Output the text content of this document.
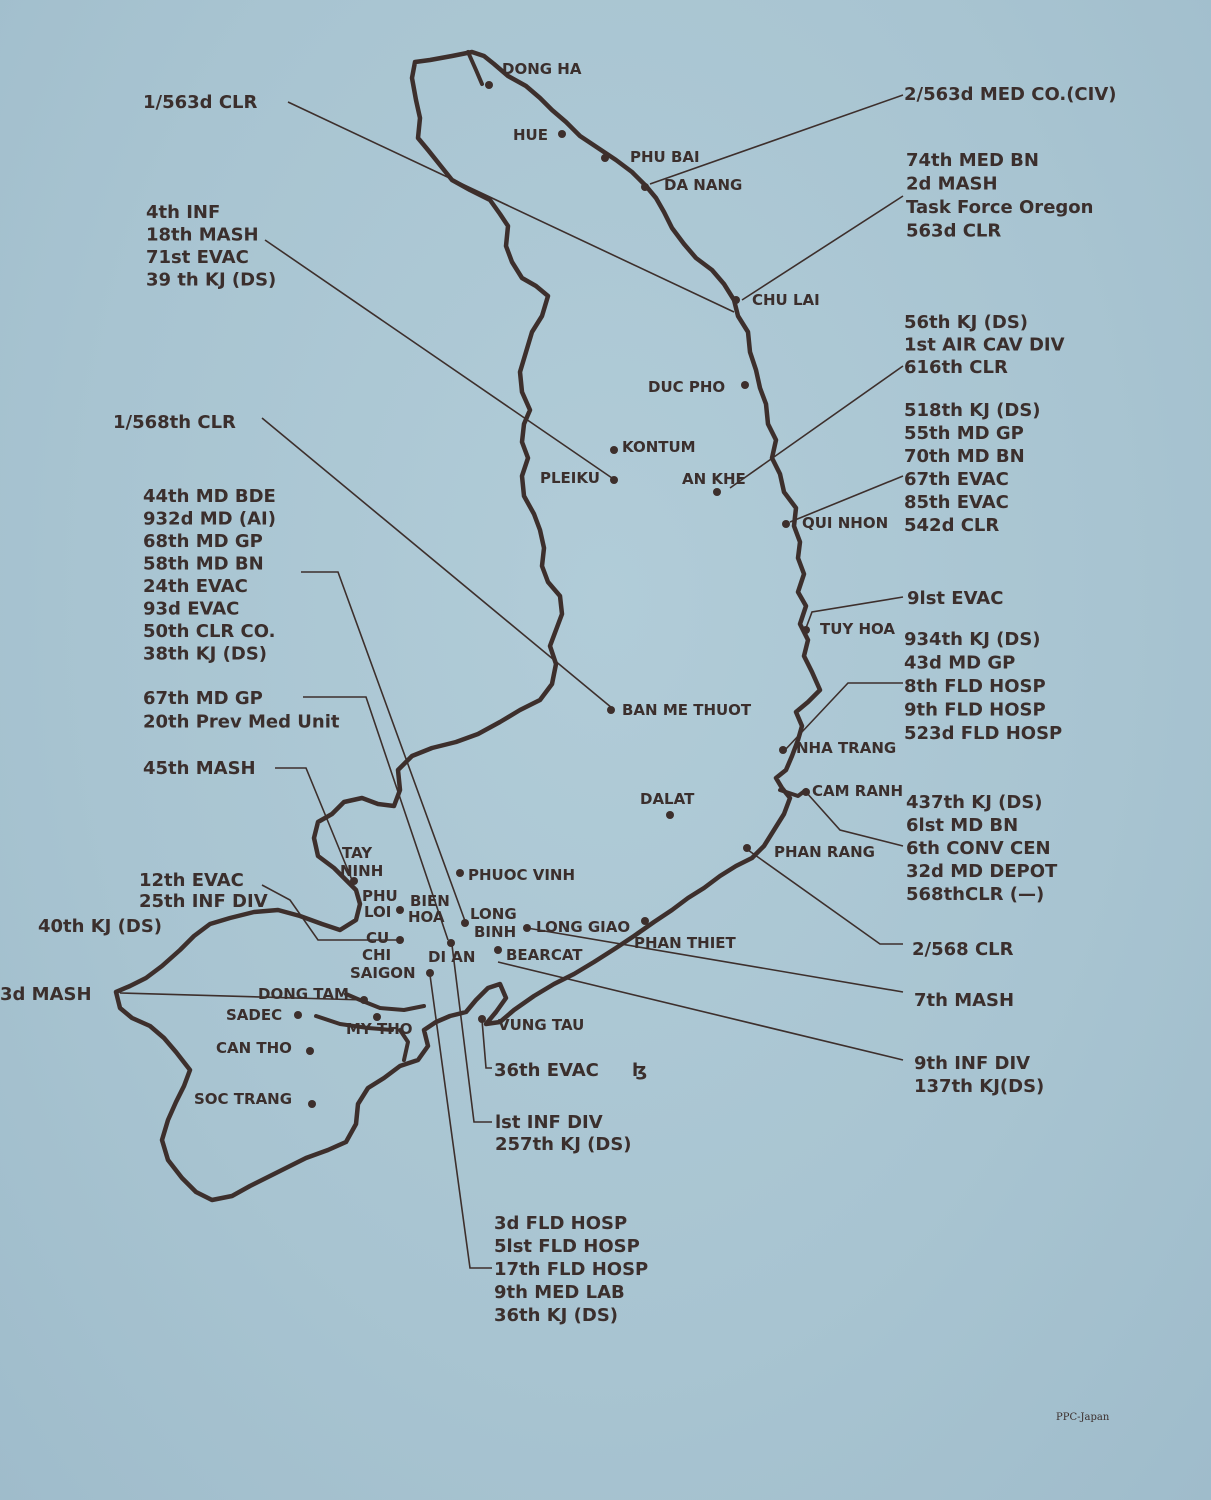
DONG HA
HUE
PHU BAI
DA NANG
CHU LAI
DUC PHO
KONTUM
PLEIKU	AN KHE
QUI NHON
TUY HOA
BAN ME THUOT
NHA TRANG
CAM RANH
DALAT
PHAN RANG
TAY
NINH	PHUOC VINH
PHU
LOI
BIEN
HOA LONG
BINH LONG GIAO
CU
CHI
PHAN THIET
DI AN BEARCAT
SAIGON
DONG TAM
SADEC
MY THO	VUNG TAU
CAN THO
SOC TRANG
1/563d CLR	2/563d MED CO.(CIV)
74th MED BN
2d MASH
Task Force Oregon
563d CLR
4th INF
18th MASH
71st EVAC
39 th KJ (DS)
56th KJ (DS)
1st AIR CAV DIV
616th CLR
518th KJ (DS)
55th MD GP
70th MD BN
67th EVAC
85th EVAC
542d CLR
1/568th CLR
44th MD BDE
932d MD (AI)
68th MD GP
58th MD BN
24th EVAC
93d EVAC
50th CLR CO.
38th KJ (DS)
67th MD GP
20th Prev Med Unit
45th MASH
9lst EVAC
934th KJ (DS)
43d MD GP
8th FLD HOSP
9th FLD HOSP
523d FLD HOSP
437th KJ (DS)
6lst MD BN
6th CONV CEN
32d MD DEPOT
568thCLR (—)
2/568 CLR
12th EVAC
25th INF DIV
40th KJ (DS)
3d MASH	7th MASH
9th INF DIV
137th KJ(DS)
36th EVAC
lst INF DIV
257th KJ (DS)
3d FLD HOSP
5lst FLD HOSP
17th FLD HOSP
9th MED LAB
36th KJ (DS)
ɮ
PPC-Japan
